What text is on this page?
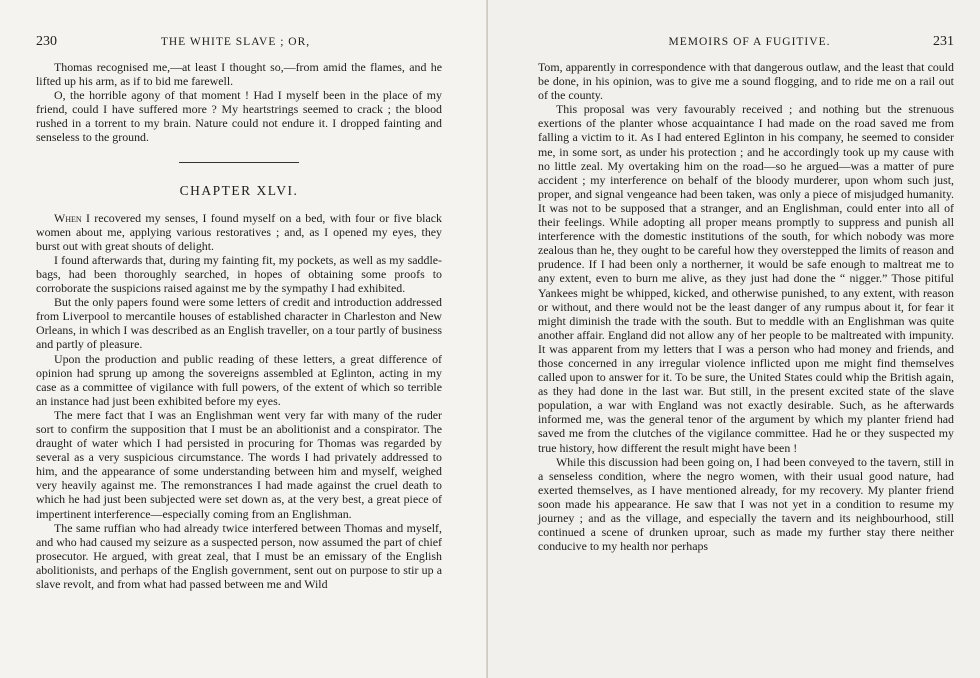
230	THE WHITE SLAVE ; OR,

Thomas recognised me,—at least I thought so,—from amid the flames, and he lifted up his arm, as if to bid me farewell.

O, the horrible agony of that moment ! Had I myself been in the place of my friend, could I have suffered more ? My heartstrings seemed to crack ; the blood rushed in a torrent to my brain. Nature could not endure it. I dropped fainting and senseless to the ground.

CHAPTER XLVI.

When I recovered my senses, I found myself on a bed, with four or five black women about me, applying various restoratives ; and, as I opened my eyes, they burst out with great shouts of delight.

I found afterwards that, during my fainting fit, my pockets, as well as my saddle-bags, had been thoroughly searched, in hopes of obtaining some proofs to corroborate the suspicions raised against me by the sympathy I had exhibited.

But the only papers found were some letters of credit and introduction addressed from Liverpool to mercantile houses of established character in Charleston and New Orleans, in which I was described as an English traveller, on a tour partly of business and partly of pleasure.

Upon the production and public reading of these letters, a great difference of opinion had sprung up among the sovereigns assembled at Eglinton, acting in my case as a committee of vigilance with full powers, of the extent of which so terrible an instance had just been exhibited before my eyes.

The mere fact that I was an Englishman went very far with many of the ruder sort to confirm the supposition that I must be an abolitionist and a conspirator. The draught of water which I had persisted in procuring for Thomas was regarded by several as a very suspicious circumstance. The words I had privately addressed to him, and the appearance of some understanding between him and myself, weighed very heavily against me. The remonstrances I had made against the cruel death to which he had just been subjected were set down as, at the very best, a great piece of impertinent interference—especially coming from an Englishman.

The same ruffian who had already twice interfered between Thomas and myself, and who had caused my seizure as a suspected person, now assumed the part of chief prosecutor. He argued, with great zeal, that I must be an emissary of the English abolitionists, and perhaps of the English government, sent out on purpose to stir up a slave revolt, and from what had passed between me and Wild

MEMOIRS OF A FUGITIVE.	231

Tom, apparently in correspondence with that dangerous outlaw, and the least that could be done, in his opinion, was to give me a sound flogging, and to ride me on a rail out of the county.

This proposal was very favourably received ; and nothing but the strenuous exertions of the planter whose acquaintance I had made on the road saved me from falling a victim to it. As I had entered Eglinton in his company, he seemed to consider me, in some sort, as under his protection ; and he accordingly took up my cause with no little zeal. My overtaking him on the road—so he argued—was a matter of pure accident ; my interference on behalf of the bloody murderer, upon whom such just, proper, and signal vengeance had been taken, was only a piece of misjudged humanity. It was not to be supposed that a stranger, and an Englishman, could enter into all of their feelings. While adopting all proper means promptly to suppress and punish all interference with the domestic institutions of the south, for which nobody was more zealous than he, they ought to be careful how they overstepped the limits of reason and prudence. If I had been only a northerner, it would be safe enough to maltreat me to any extent, even to burn me alive, as they just had done the “ nigger.” Those pitiful Yankees might be whipped, kicked, and otherwise punished, to any extent, with reason or without, and there would not be the least danger of any rumpus about it, for fear it might diminish the trade with the south. But to meddle with an Englishman was quite another affair. England did not allow any of her people to be maltreated with impunity. It was apparent from my letters that I was a person who had money and friends, and those concerned in any irregular violence inflicted upon me might find themselves called upon to answer for it. To be sure, the United States could whip the British again, as they had done in the last war. But still, in the present excited state of the slave population, a war with England was not exactly desirable. Such, as he afterwards informed me, was the general tenor of the argument by which my planter friend had saved me from the clutches of the vigilance committee. Had he or they suspected my true history, how different the result might have been !

While this discussion had been going on, I had been conveyed to the tavern, still in a senseless condition, where the negro women, with their usual good nature, had exerted themselves, as I have mentioned already, for my recovery. My planter friend soon made his appearance. He saw that I was not yet in a condition to resume my journey ; and as the village, and especially the tavern and its neighbourhood, still continued a scene of drunken uproar, such as made my further stay there neither conducive to my health nor perhaps
